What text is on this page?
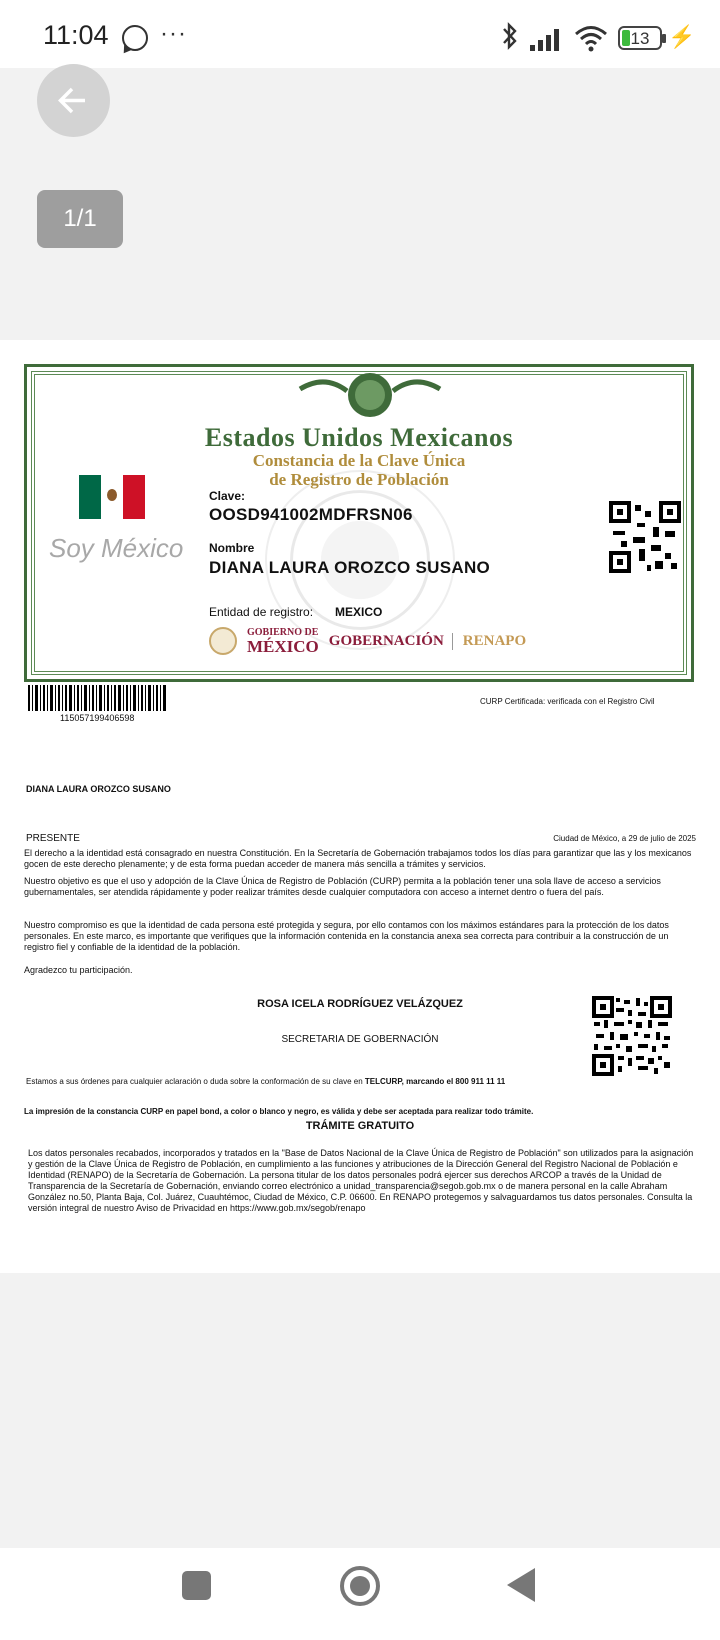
11:04 ···	13 ⚡
1/1
Estados Unidos Mexicanos
Constancia de la Clave Única
de Registro de Población
Soy México
Clave:
OOSD941002MDFRSN06
Nombre
DIANA LAURA OROZCO SUSANO
Entidad de registro: MEXICO
GOBIERNO DE
MÉXICO GOBERNACIÓN	RENAPO
115057199406598
CURP Certificada: verificada con el Registro Civil
DIANA LAURA OROZCO SUSANO
PRESENTE	Ciudad de México, a 29 de julio de 2025
El derecho a la identidad está consagrado en nuestra Constitución. En la Secretaría de Gobernación trabajamos todos los días para garantizar que las y los mexicanos gocen de este derecho plenamente; y de esta forma puedan acceder de manera más sencilla a trámites y servicios.
Nuestro objetivo es que el uso y adopción de la Clave Única de Registro de Población (CURP) permita a la población tener una sola llave de acceso a servicios gubernamentales, ser atendida rápidamente y poder realizar trámites desde cualquier computadora con acceso a internet dentro o fuera del país.
Nuestro compromiso es que la identidad de cada persona esté protegida y segura, por ello contamos con los máximos estándares para la protección de los datos personales. En este marco, es importante que verifiques que la información contenida en la constancia anexa sea correcta para contribuir a la construcción de un registro fiel y confiable de la identidad de la población.
Agradezco tu participación.
ROSA ICELA RODRÍGUEZ VELÁZQUEZ
SECRETARIA DE GOBERNACIÓN
Estamos a sus órdenes para cualquier aclaración o duda sobre la conformación de su clave en TELCURP, marcando el 800 911 11 11
La impresión de la constancia CURP en papel bond, a color o blanco y negro, es válida y debe ser aceptada para realizar todo trámite.
TRÁMITE GRATUITO
Los datos personales recabados, incorporados y tratados en la "Base de Datos Nacional de la Clave Única de Registro de Población" son utilizados para la asignación y gestión de la Clave Única de Registro de Población, en cumplimiento a las funciones y atribuciones de la Dirección General del Registro Nacional de Población e Identidad (RENAPO) de la Secretaría de Gobernación. La persona titular de los datos personales podrá ejercer sus derechos ARCOP a través de la Unidad de Transparencia de la Secretaría de Gobernación, enviando correo electrónico a unidad_transparencia@segob.gob.mx o de manera personal en la calle Abraham González no.50, Planta Baja, Col. Juárez, Cuauhtémoc, Ciudad de México, C.P. 06600. En RENAPO protegemos y salvaguardamos tus datos personales. Consulta la versión integral de nuestro Aviso de Privacidad en https://www.gob.mx/segob/renapo
